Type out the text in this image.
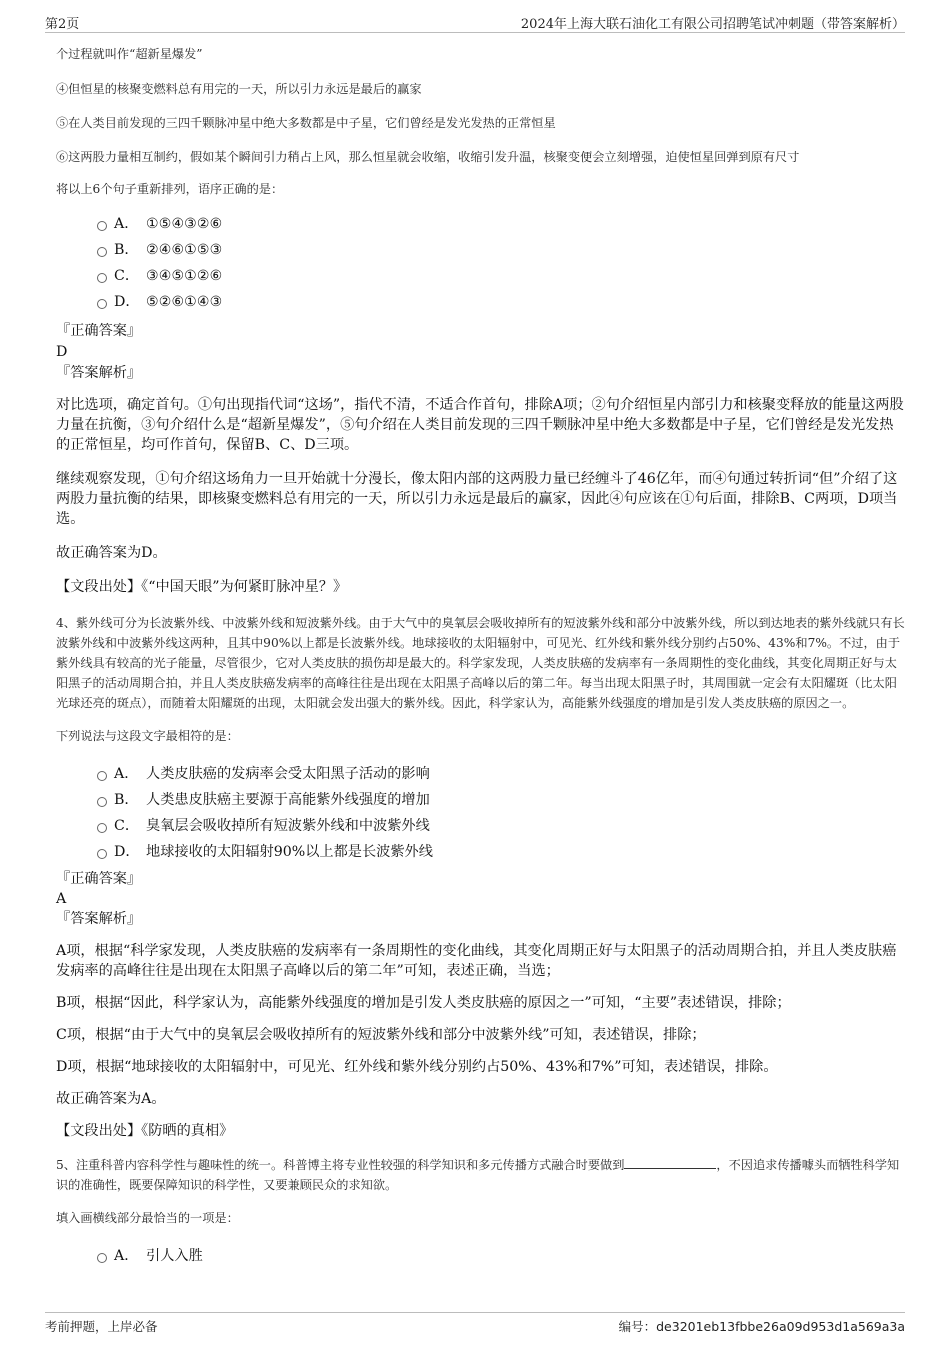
第2页	2024年上海大联石油化工有限公司招聘笔试冲刺题（带答案解析）

个过程就叫作“超新星爆发”

④但恒星的核聚变燃料总有用完的一天，所以引力永远是最后的赢家

⑤在人类目前发现的三四千颗脉冲星中绝大多数都是中子星，它们曾经是发光发热的正常恒星

⑥这两股力量相互制约，假如某个瞬间引力稍占上风，那么恒星就会收缩，收缩引发升温，核聚变便会立刻增强，迫使恒星回弹到原有尺寸

将以上6个句子重新排列，语序正确的是：

A． ①⑤④③②⑥
B． ②④⑥①⑤③
C． ③④⑤①②⑥
D． ⑤②⑥①④③

『正确答案』

D

『答案解析』

对比选项，确定首句。①句出现指代词“这场”，指代不清，不适合作首句，排除A项；②句介绍恒星内部引力和核聚变释放的能量这两股力量在抗衡，③句介绍什么是“超新星爆发”，⑤句介绍在人类目前发现的三四千颗脉冲星中绝大多数都是中子星，它们曾经是发光发热的正常恒星，均可作首句，保留B、C、D三项。

继续观察发现，①句介绍这场角力一旦开始就十分漫长，像太阳内部的这两股力量已经缠斗了46亿年，而④句通过转折词“但”介绍了这两股力量抗衡的结果，即核聚变燃料总有用完的一天，所以引力永远是最后的赢家，因此④句应该在①句后面，排除B、C两项，D项当选。

故正确答案为D。

【文段出处】《“中国天眼”为何紧盯脉冲星？》

4、紫外线可分为长波紫外线、中波紫外线和短波紫外线。由于大气中的臭氧层会吸收掉所有的短波紫外线和部分中波紫外线，所以到达地表的紫外线就只有长波紫外线和中波紫外线这两种，且其中90%以上都是长波紫外线。地球接收的太阳辐射中，可见光、红外线和紫外线分别约占50%、43%和7%。不过，由于紫外线具有较高的光子能量，尽管很少，它对人类皮肤的损伤却是最大的。科学家发现，人类皮肤癌的发病率有一条周期性的变化曲线，其变化周期正好与太阳黑子的活动周期合拍，并且人类皮肤癌发病率的高峰往往是出现在太阳黑子高峰以后的第二年。每当出现太阳黑子时，其周围就一定会有太阳耀斑（比太阳光球还亮的斑点），而随着太阳耀斑的出现，太阳就会发出强大的紫外线。因此，科学家认为，高能紫外线强度的增加是引发人类皮肤癌的原因之一。

下列说法与这段文字最相符的是：

A． 人类皮肤癌的发病率会受太阳黑子活动的影响
B． 人类患皮肤癌主要源于高能紫外线强度的增加
C． 臭氧层会吸收掉所有短波紫外线和中波紫外线
D． 地球接收的太阳辐射90%以上都是长波紫外线

『正确答案』

A

『答案解析』

A项，根据“科学家发现，人类皮肤癌的发病率有一条周期性的变化曲线，其变化周期正好与太阳黑子的活动周期合拍，并且人类皮肤癌发病率的高峰往往是出现在太阳黑子高峰以后的第二年”可知，表述正确，当选；

B项，根据“因此，科学家认为，高能紫外线强度的增加是引发人类皮肤癌的原因之一”可知，“主要”表述错误，排除；

C项，根据“由于大气中的臭氧层会吸收掉所有的短波紫外线和部分中波紫外线”可知，表述错误，排除；

D项，根据“地球接收的太阳辐射中，可见光、红外线和紫外线分别约占50%、43%和7%”可知，表述错误，排除。

故正确答案为A。

【文段出处】《防晒的真相》

5、注重科普内容科学性与趣味性的统一。科普博主将专业性较强的科学知识和多元传播方式融合时要做到	，不因追求传播噱头而牺牲科学知识的准确性，既要保障知识的科学性，又要兼顾民众的求知欲。

填入画横线部分最恰当的一项是：

A． 引人入胜
考前押题，上岸必备	编号：de3201eb13fbbe26a09d953d1a569a3a
